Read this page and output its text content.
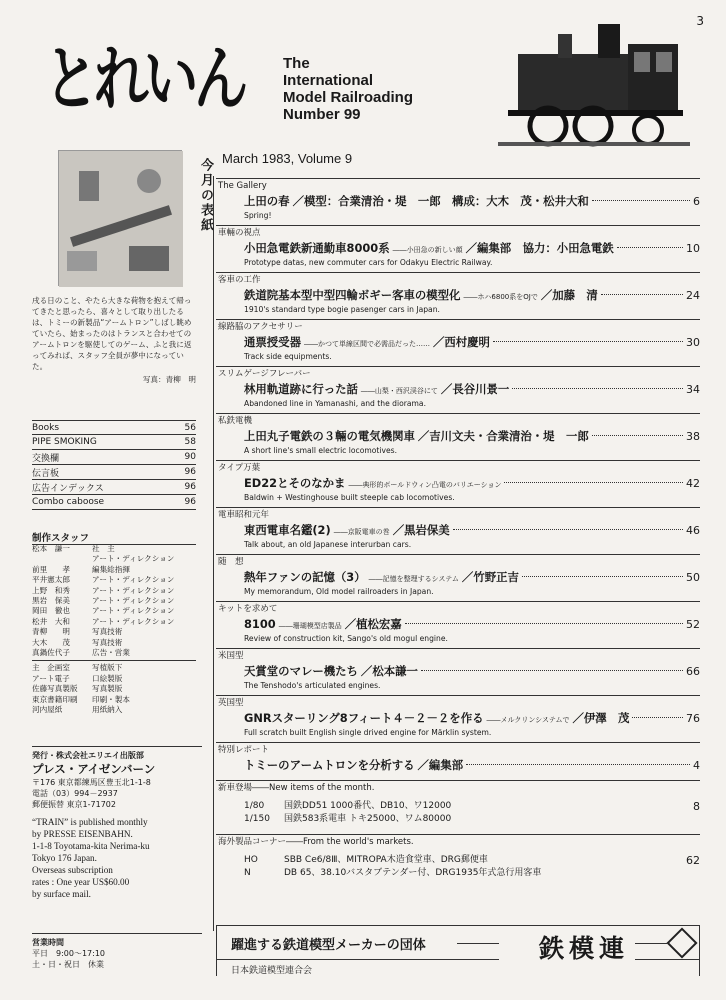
3
とれいん	The
International
Model Railroading
Number 99
March 1983, Volume 9
今月の表紙
戌る日のこと、やたら大きな荷物を抱えて帰ってきたと思ったら、喜々として取り出したるは、トミーの新製品“アームトロン”しばし眺めていたら、始まったのはトランスと合わせてのアームトロンを駆使してのゲーム、ふと我に返ってみれば、スタッフ全員が夢中になっていた。
写真：青柳　明
Books	56
PIPE SMOKING	58
交換欄	90
伝言板	96
広告インデックス	96
Combo caboose	96
制作スタッフ
松本　謙一	社　主
アート・ディレクション
前里　　孝	編集総指揮
平井憲太郎	アート・ディレクション
上野　和秀	アート・ディレクション
黒岩　保美	アート・ディレクション
岡田　徹也	アート・ディレクション
松井　大和	アート・ディレクション
青柳　　明	写真技術
大木　　茂	写真技術
真鍋佐代子	広告・営業
主　企画室	写植版下
アート電子	口絵製版
佐藤写真製版	写真製版
東京書籍印刷	印刷・製本
河内屋紙	用紙納入
発行・株式会社エリエイ出版部
プレス・アイゼンバーン
〒176 東京都練馬区豊玉北1-1-8
電話（03）994－2937
郵便振替 東京1-71702
“TRAIN” is published monthly
by PRESSE EISENBAHN.
1-1-8 Toyotama-kita Nerima-ku
Tokyo 176 Japan.
Overseas subscription
rates : One year US$60.00
by surface mail.
営業時間
平日　9:00～17:10
土・日・祝日　休業
The Gallery
上田の春 ／模型：合業清治・堤　一郎　構成：大木　茂・松井大和	6
Spring!
車輛の視点
小田急電鉄新通勤車8000系 ――小田急の新しい顔 ／編集部　協力：小田急電鉄	10
Prototype datas, new commuter cars for Odakyu Electric Railway.
客車の工作
鉄道院基本型中型四輪ボギー客車の模型化 ――ホハ6800系をOJで ／加藤　清	24
1910's standard type bogie pasenger cars in Japan.
線路脇のアクセサリー
通票授受器 ――かつて単線区間で必需品だった…… ／西村慶明	30
Track side equipments.
スリムゲージフレーバー
林用軌道跡に行った話 ――山梨・西沢渓谷にて ／長谷川景一	34
Abandoned line in Yamanashi, and the diorama.
私鉄電機
上田丸子電鉄の３輛の電気機関車 ／吉川文夫・合業清治・堤　一郎	38
A short line's small electric locomotives.
タイプ万葉
ED22とそのなかま ――典形的ボールドウィン凸電のバリエーション	42
Baldwin + Westinghouse built steeple cab locomotives.
電車昭和元年
東西電車名鑑(2) ――京阪電車の巻 ／黒岩保美	46
Talk about, an old Japanese interurban cars.
随　想
熱年ファンの記憶（3） ――記憶を整理するシステム ／竹野正吉	50
My memorandum, Old model railroaders in Japan.
キットを求めて
8100 ――珊瑚模型店製品 ／植松宏嘉	52
Review of construction kit, Sango's old mogul engine.
米国型
天賞堂のマレー機たち ／松本謙一	66
The Tenshodo's articulated engines.
英国型
GNRスターリング8フィート４－２－２を作る ――メルクリンシステムで ／伊澤　茂	76
Full scratch built English single drived engine for Märklin system.
特別レポート
トミーのアームトロンを分析する ／編集部	4
新車登場――New items of the month.
1/80	国鉄DD51 1000番代、DB10、ワ12000	8
1/150	国鉄583系電車 トキ25000、ワム80000
海外製品コーナー――From the world's markets.
HO	SBB Ce6/8Ⅲ、MITROPA木造食堂車、DRG郵便車	62
N	DB 65、38.10バスタブテンダー付、DRG1935年式急行用客車
躍進する鉄道模型メーカーの団体	鉄模連
日本鉄道模型連合会
